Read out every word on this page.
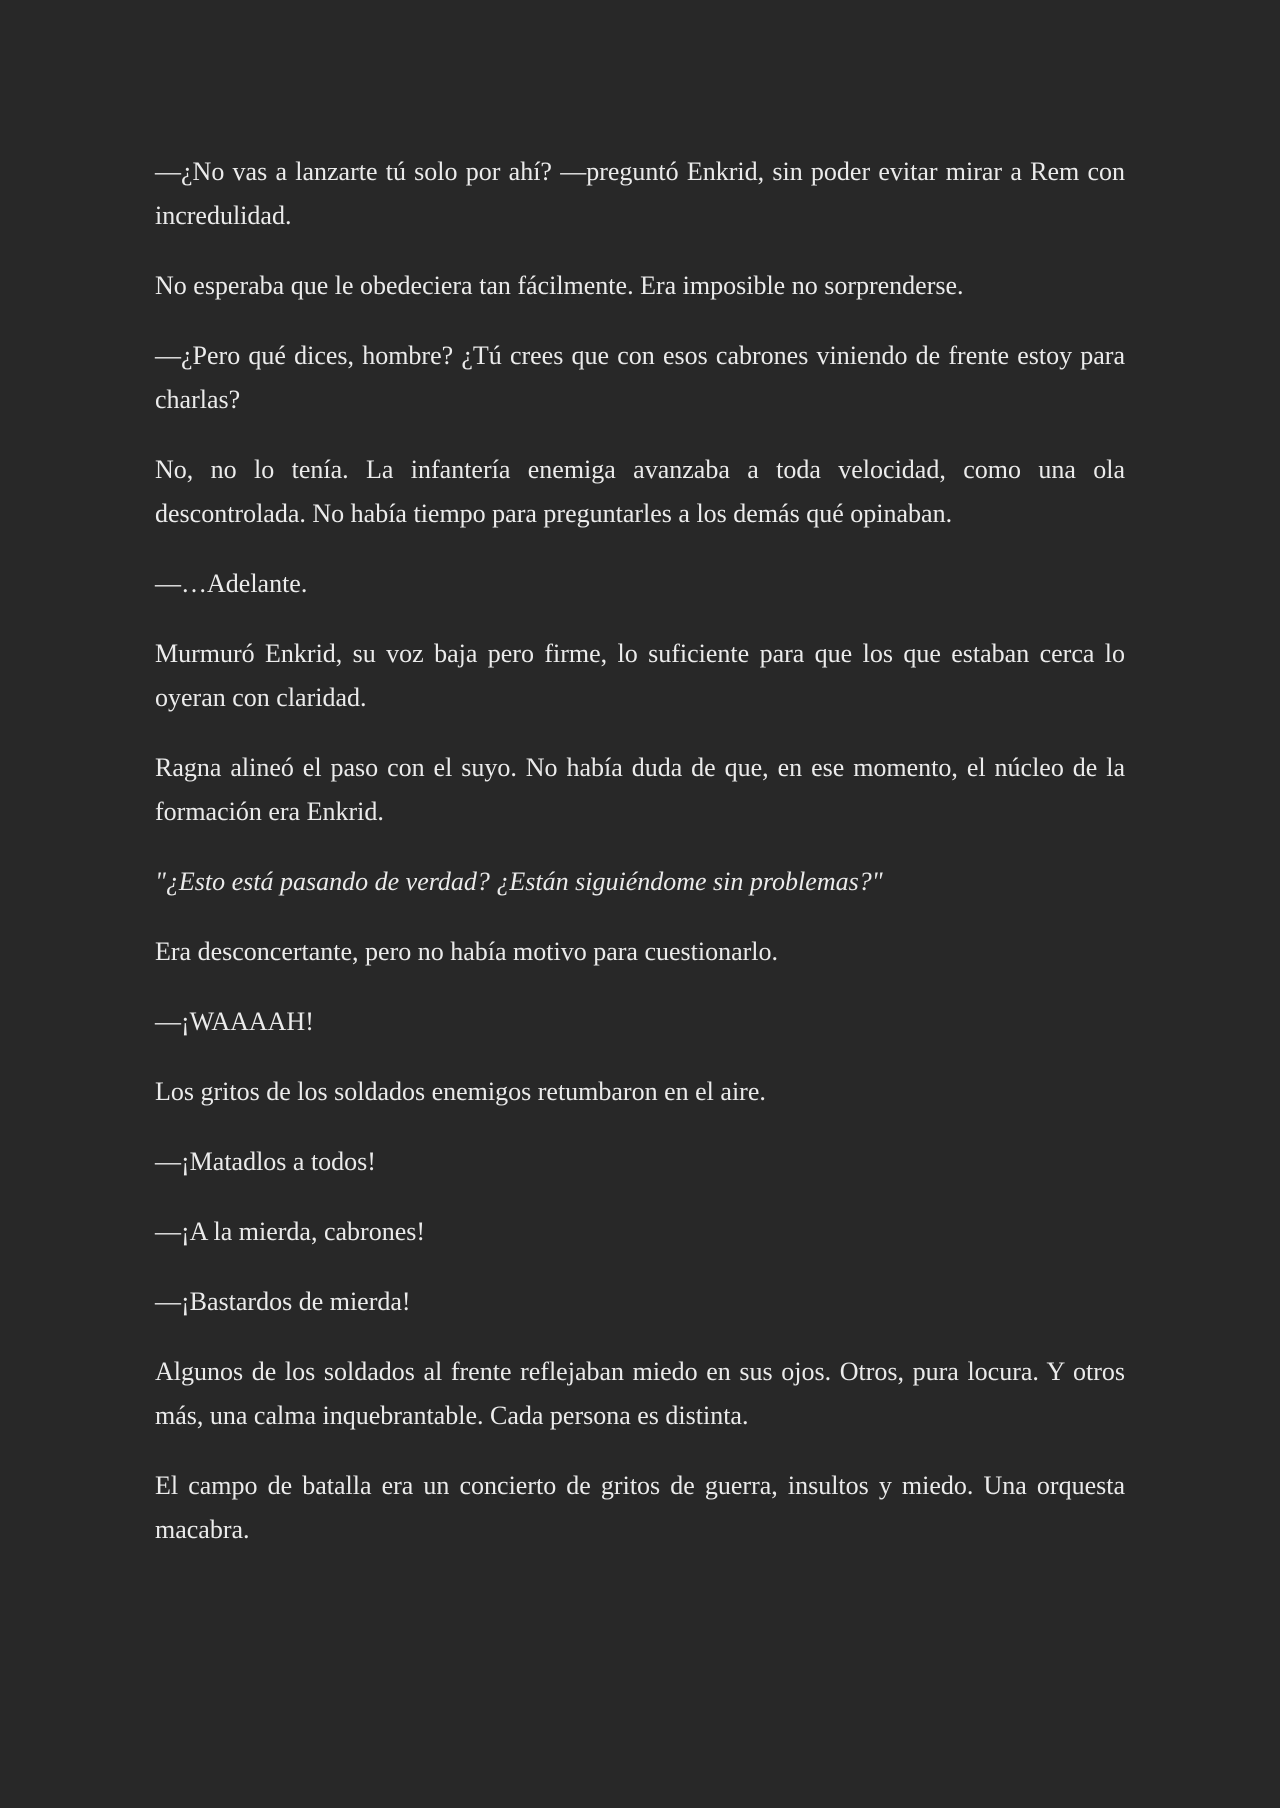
—¿No vas a lanzarte tú solo por ahí? —preguntó Enkrid, sin poder evitar mirar a Rem con incredulidad.

No esperaba que le obedeciera tan fácilmente. Era imposible no sorprenderse.

—¿Pero qué dices, hombre? ¿Tú crees que con esos cabrones viniendo de frente estoy para charlas?

No, no lo tenía. La infantería enemiga avanzaba a toda velocidad, como una ola descontrolada. No había tiempo para preguntarles a los demás qué opinaban.

—…Adelante.

Murmuró Enkrid, su voz baja pero firme, lo suficiente para que los que estaban cerca lo oyeran con claridad.

Ragna alineó el paso con el suyo. No había duda de que, en ese momento, el núcleo de la formación era Enkrid.

"¿Esto está pasando de verdad? ¿Están siguiéndome sin problemas?"

Era desconcertante, pero no había motivo para cuestionarlo.

—¡WAAAAH!

Los gritos de los soldados enemigos retumbaron en el aire.

—¡Matadlos a todos!

—¡A la mierda, cabrones!

—¡Bastardos de mierda!

Algunos de los soldados al frente reflejaban miedo en sus ojos. Otros, pura locura. Y otros más, una calma inquebrantable. Cada persona es distinta.

El campo de batalla era un concierto de gritos de guerra, insultos y miedo. Una orquesta macabra.
